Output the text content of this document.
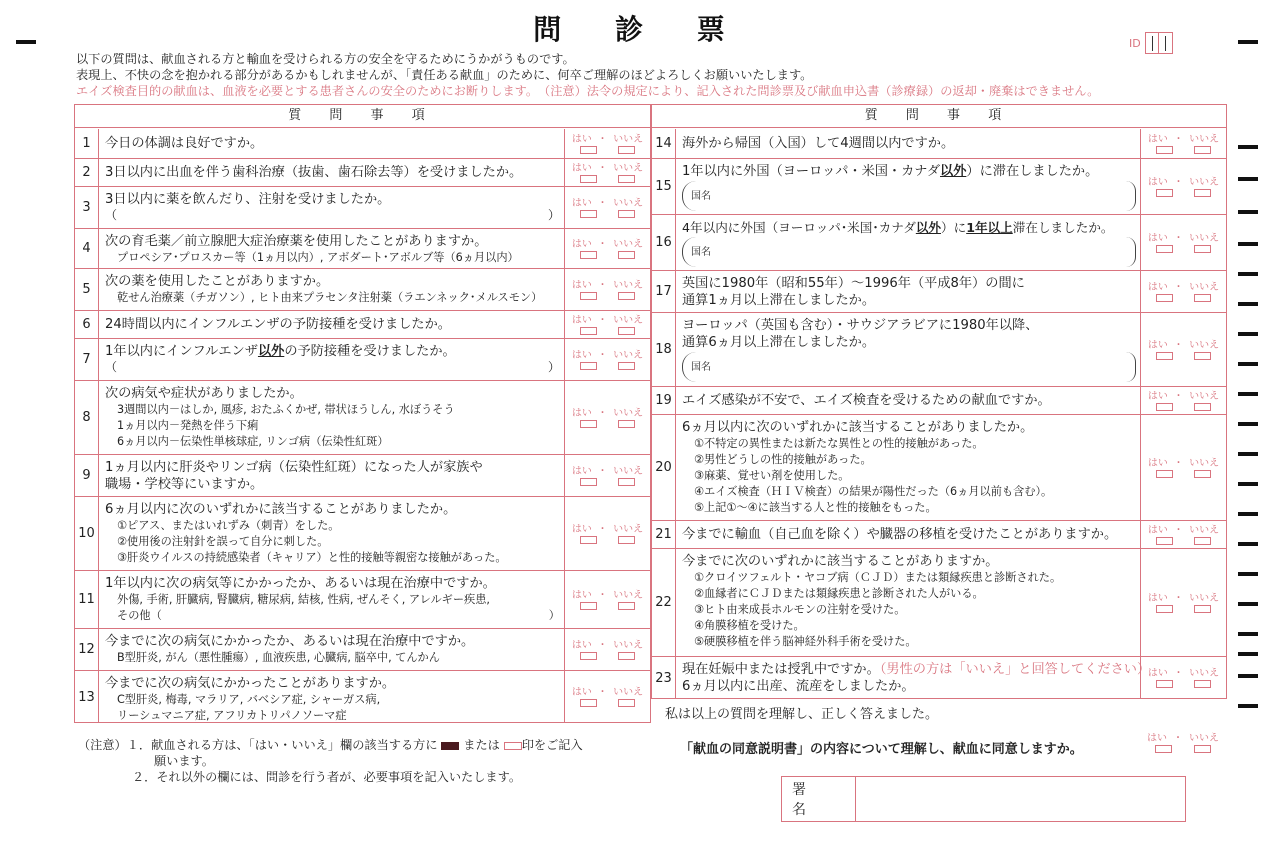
問 診 票	ID
以下の質問は、献血される方と輸血を受けられる方の安全を守るためにうかがうものです。
表現上、不快の念を抱かれる部分があるかもしれませんが、「責任ある献血」のために、何卒ご理解のほどよろしくお願いいたします。
エイズ検査目的の献血は、血液を必要とする患者さんの安全のためにお断りします。　（注意）法令の規定により、記入された問診票及び献血申込書（診療録）の返却・廃棄はできません。
質 問 事 項
1	今日の体調は良好ですか。	はい ・ いいえ
2	3日以内に出血を伴う歯科治療（抜歯、歯石除去等）を受けましたか。	はい ・ いいえ
3
3日以内に薬を飲んだり、注射を受けましたか。
（	）
はい ・ いいえ
4	次の育毛薬／前立腺肥大症治療薬を使用したことがありますか。
プロペシア･プロスカー等（1ヵ月以内）, アボダート･アボルブ等（6ヵ月以内）
はい ・ いいえ
5
次の薬を使用したことがありますか。
乾せん治療薬（チガソン）, ヒト由来プラセンタ注射薬（ラエンネック･メルスモン）
はい ・ いいえ
6	24時間以内にインフルエンザの予防接種を受けましたか。	はい ・ いいえ
7
1年以内にインフルエンザ以外の予防接種を受けましたか。
（	）
はい ・ いいえ
8
次の病気や症状がありましたか。
3週間以内－はしか, 風疹, おたふくかぜ, 帯状ほうしん, 水ぼうそう
1ヵ月以内－発熱を伴う下痢
6ヵ月以内－伝染性単核球症, リンゴ病（伝染性紅斑）
はい ・ いいえ
9
1ヵ月以内に肝炎やリンゴ病（伝染性紅斑）になった人が家族や
職場・学校等にいますか。
はい ・ いいえ
10
6ヵ月以内に次のいずれかに該当することがありましたか。
①ピアス、またはいれずみ（刺青）をした。
②使用後の注射針を誤って自分に刺した。
③肝炎ウイルスの持続感染者（キャリア）と性的接触等親密な接触があった。
はい ・ いいえ
11
1年以内に次の病気等にかかったか、あるいは現在治療中ですか。
外傷, 手術, 肝臓病, 腎臓病, 糖尿病, 結核, 性病, ぜんそく, アレルギー疾患,
その他（	）
はい ・ いいえ
12
今までに次の病気にかかったか、あるいは現在治療中ですか。
B型肝炎, がん（悪性腫瘍）, 血液疾患, 心臓病, 脳卒中, てんかん
はい ・ いいえ
13
今までに次の病気にかかったことがありますか。
C型肝炎, 梅毒, マラリア, バベシア症, シャーガス病,
リーシュマニア症, アフリカトリパノソーマ症
はい ・ いいえ
質 問 事 項
14 海外から帰国（入国）して4週間以内ですか。	はい ・ いいえ
15
1年以内に外国（ヨーロッパ・米国・カナダ以外）に滞在しましたか。
国名
はい ・ いいえ
16
4年以内に外国（ヨーロッパ･米国･カナダ以外）に1年以上滞在しましたか。
国名
はい ・ いいえ
17
英国に1980年（昭和55年）～1996年（平成8年）の間に
通算1ヵ月以上滞在しましたか。
はい ・ いいえ
18
ヨーロッパ（英国も含む）・サウジアラビアに1980年以降、
通算6ヵ月以上滞在しましたか。
国名
はい ・ いいえ
19 エイズ感染が不安で、エイズ検査を受けるための献血ですか。	はい ・ いいえ
20
6ヵ月以内に次のいずれかに該当することがありましたか。
①不特定の異性または新たな異性との性的接触があった。
②男性どうしの性的接触があった。
③麻薬、覚せい剤を使用した。
④エイズ検査（ＨＩＶ検査）の結果が陽性だった（6ヵ月以前も含む）。
⑤上記①～④に該当する人と性的接触をもった。
はい ・ いいえ
21 今までに輸血（自己血を除く）や臓器の移植を受けたことがありますか。	はい ・ いいえ
22
今までに次のいずれかに該当することがありますか。
①クロイツフェルト・ヤコブ病（ＣＪＤ）または類縁疾患と診断された。
②血縁者にＣＪＤまたは類縁疾患と診断された人がいる。
③ヒト由来成長ホルモンの注射を受けた。
④角膜移植を受けた。
⑤硬膜移植を伴う脳神経外科手術を受けた。
はい ・ いいえ
23
現在妊娠中または授乳中ですか。（男性の方は「いいえ」と回答してください）
6ヵ月以内に出産、流産をしましたか。
はい ・ いいえ
私は以上の質問を理解し、正しく答えました。
「献血の同意説明書」の内容について理解し、献血に同意しますか。
はい ・ いいえ
署　名
（注意）１．献血される方は、「はい・いいえ」欄の該当する方に または 印をご記入
願います。
２．それ以外の欄には、問診を行う者が、必要事項を記入いたします。
